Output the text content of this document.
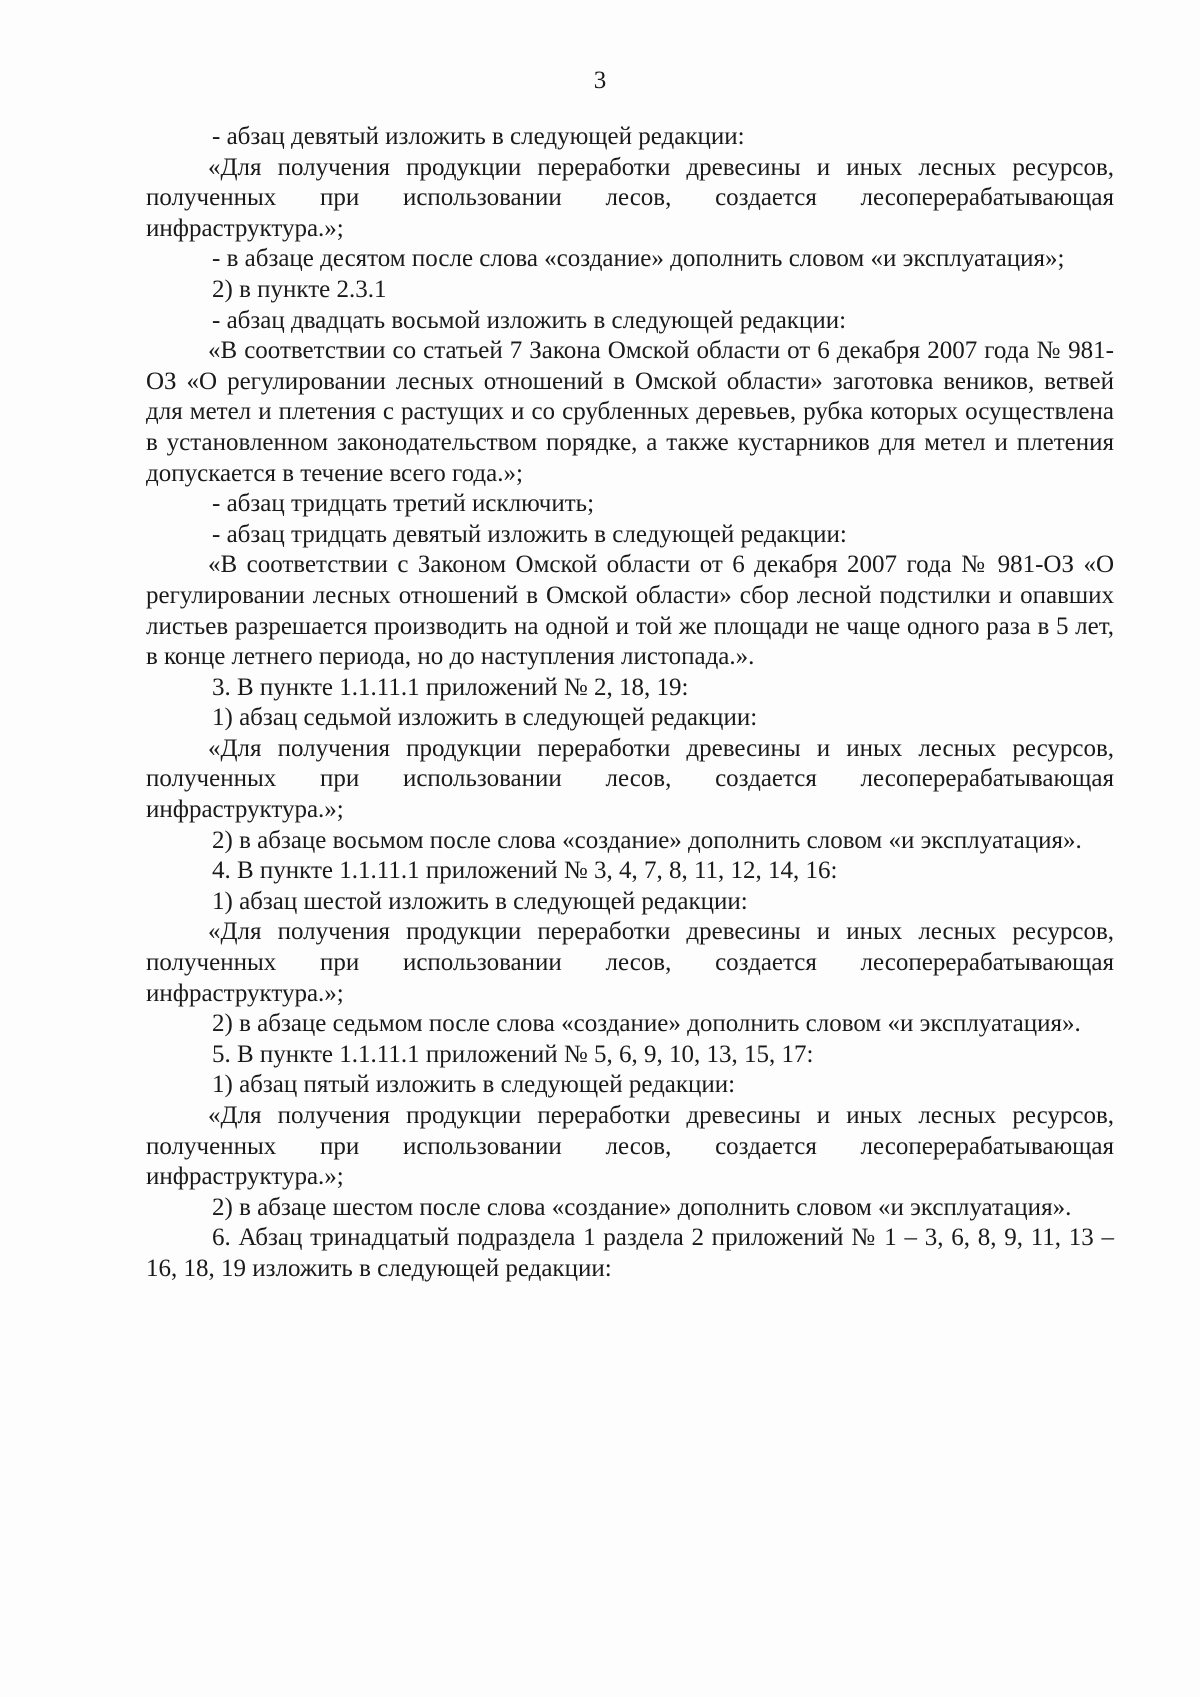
3

- абзац девятый изложить в следующей редакции:

«Для получения продукции переработки древесины и иных лесных ресурсов, полученных при использовании лесов, создается лесоперерабатывающая инфраструктура.»;

- в абзаце десятом после слова «создание» дополнить словом «и эксплуатация»;

2) в пункте 2.3.1

- абзац двадцать восьмой изложить в следующей редакции:

«В соответствии со статьей 7 Закона Омской области от 6 декабря 2007 года № 981-ОЗ «О регулировании лесных отношений в Омской области» заготовка веников, ветвей для метел и плетения с растущих и со срубленных деревьев, рубка которых осуществлена в установленном законодательством порядке, а также кустарников для метел и плетения допускается в течение всего года.»;

- абзац тридцать третий исключить;

- абзац тридцать девятый изложить в следующей редакции:

«В соответствии с Законом Омской области от 6 декабря 2007 года № 981-ОЗ «О регулировании лесных отношений в Омской области» сбор лесной подстилки и опавших листьев разрешается производить на одной и той же площади не чаще одного раза в 5 лет, в конце летнего периода, но до наступления листопада.».

3. В пункте 1.1.11.1 приложений № 2, 18, 19:

1) абзац седьмой изложить в следующей редакции:

«Для получения продукции переработки древесины и иных лесных ресурсов, полученных при использовании лесов, создается лесоперерабатывающая инфраструктура.»;

2) в абзаце восьмом после слова «создание» дополнить словом «и эксплуатация».

4. В пункте 1.1.11.1 приложений № 3, 4, 7, 8, 11, 12, 14, 16:

1) абзац шестой изложить в следующей редакции:

«Для получения продукции переработки древесины и иных лесных ресурсов, полученных при использовании лесов, создается лесоперерабатывающая инфраструктура.»;

2) в абзаце седьмом после слова «создание» дополнить словом «и эксплуатация».

5. В пункте 1.1.11.1 приложений № 5, 6, 9, 10, 13, 15, 17:

1) абзац пятый изложить в следующей редакции:

«Для получения продукции переработки древесины и иных лесных ресурсов, полученных при использовании лесов, создается лесоперерабатывающая инфраструктура.»;

2) в абзаце шестом после слова «создание» дополнить словом «и эксплуатация».

6. Абзац тринадцатый подраздела 1 раздела 2 приложений № 1 – 3, 6, 8, 9, 11, 13 – 16, 18, 19 изложить в следующей редакции:
